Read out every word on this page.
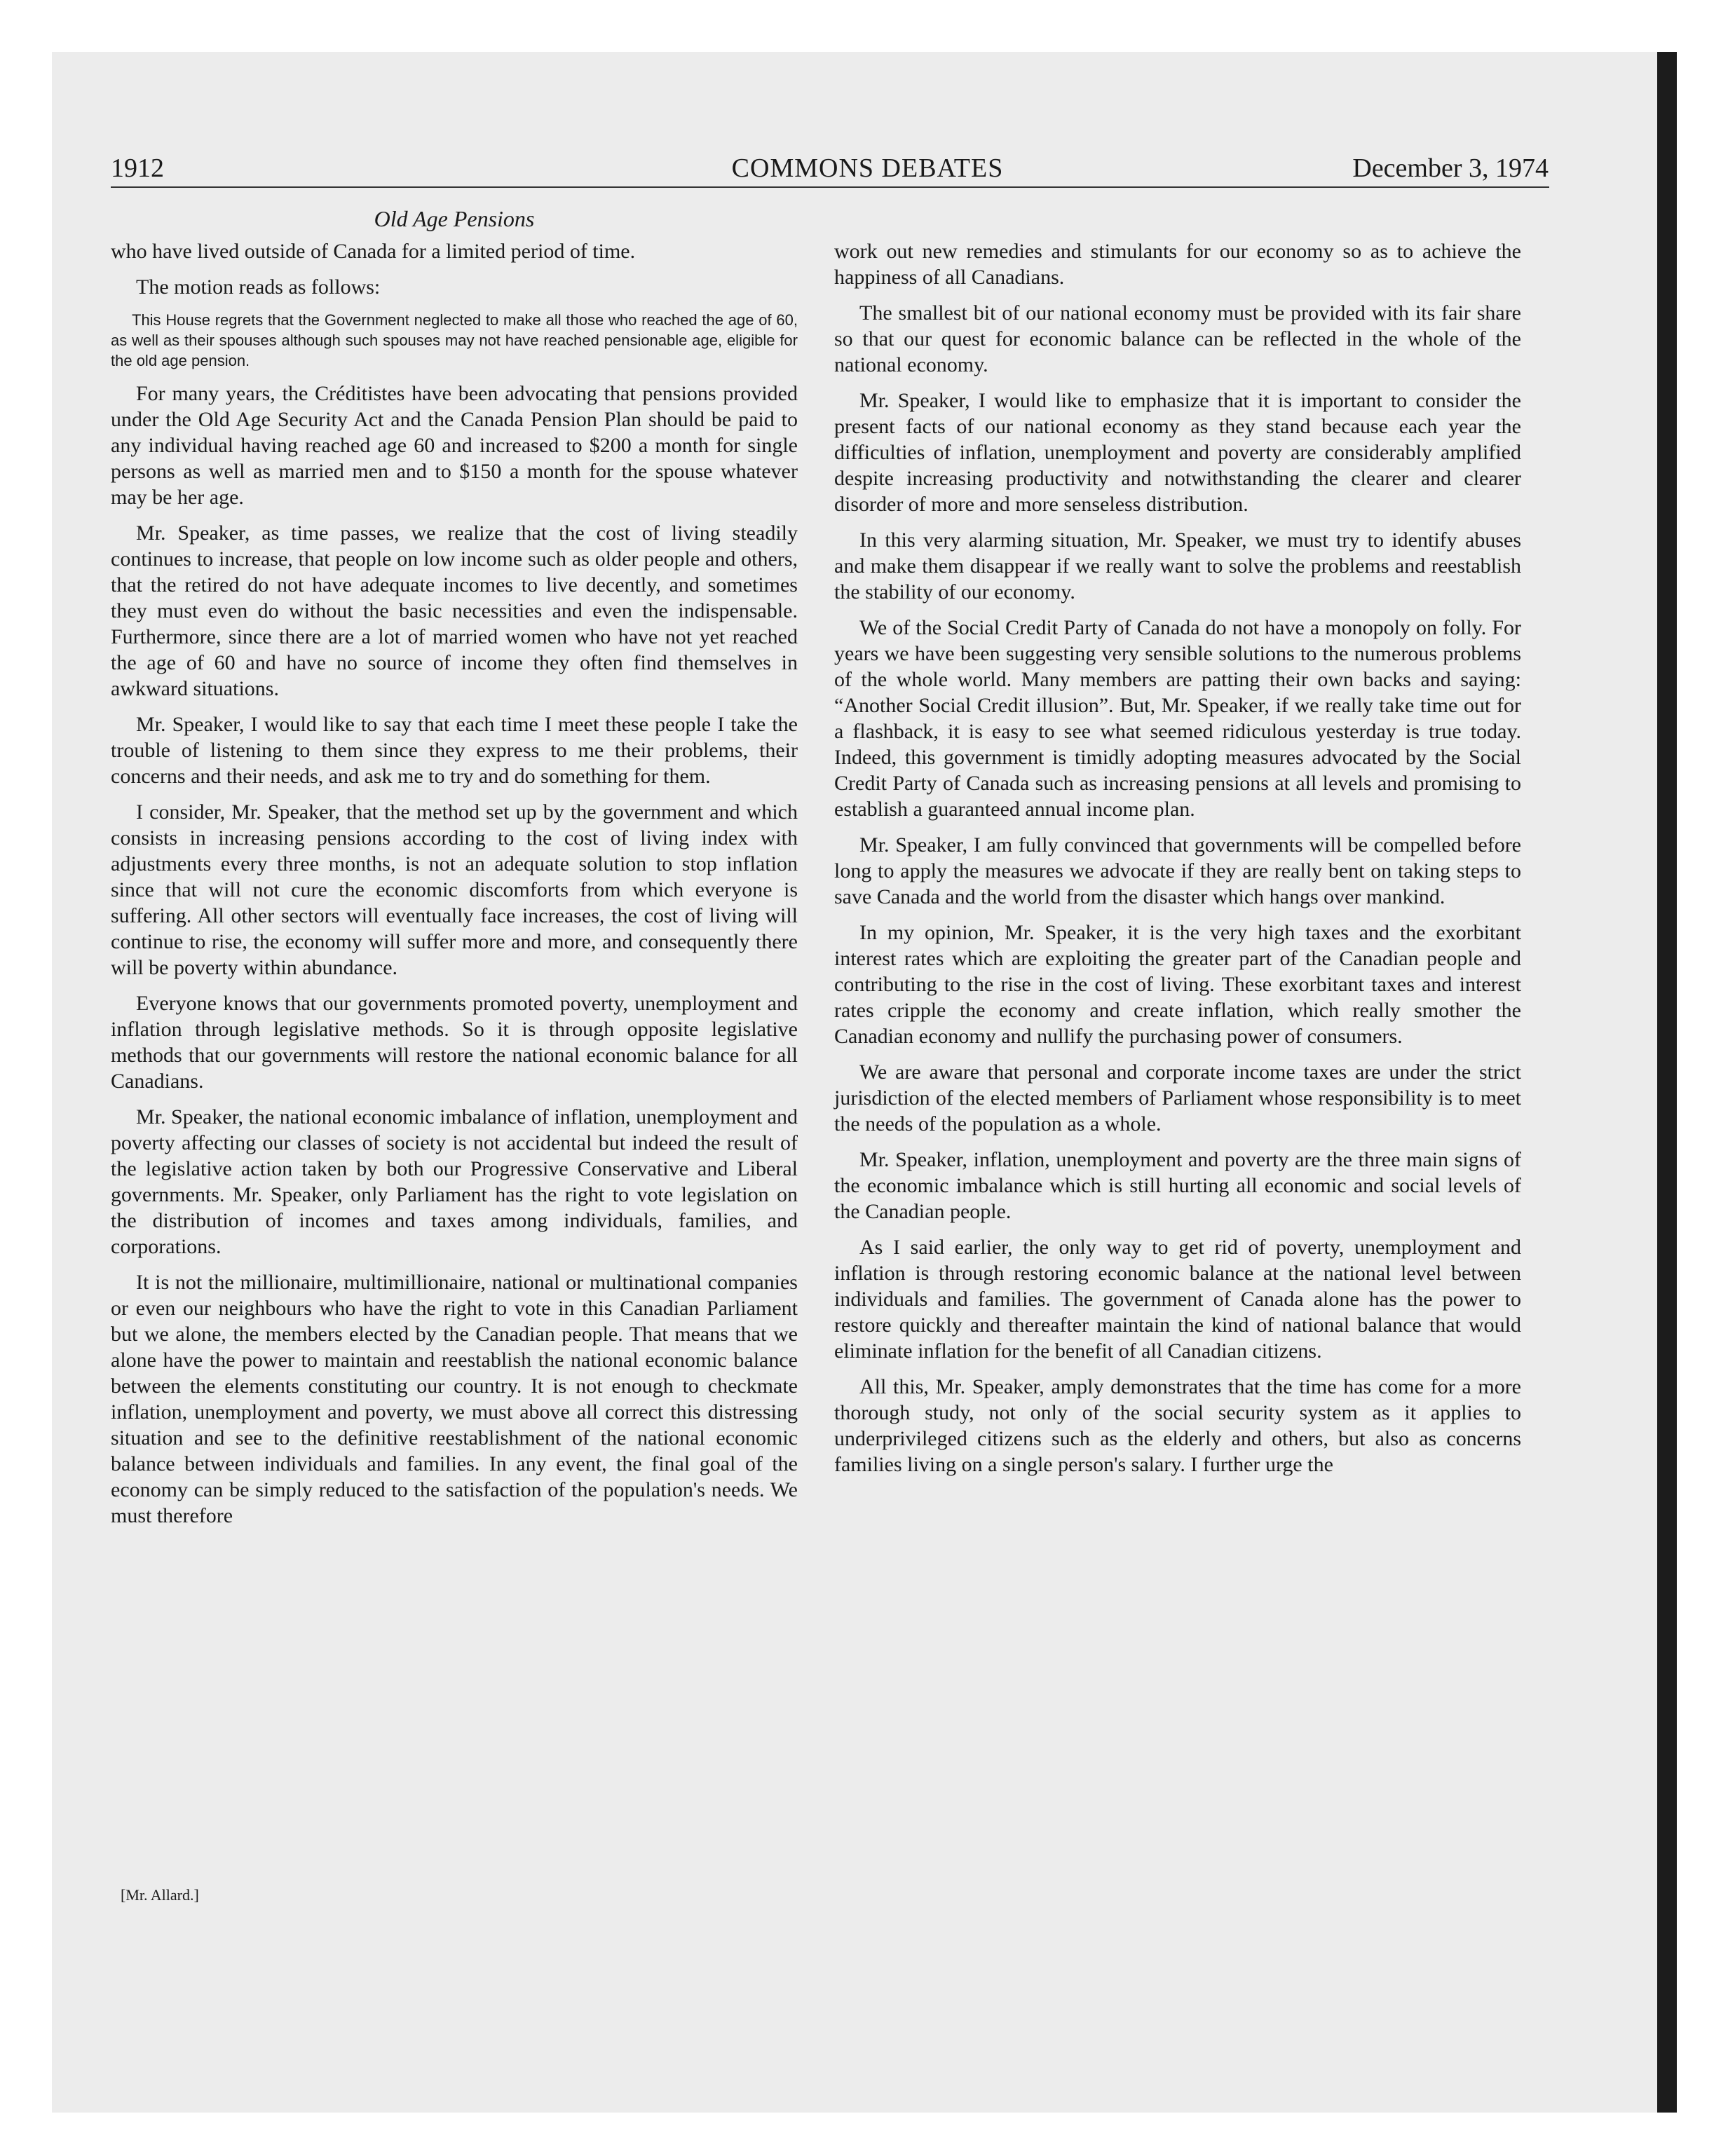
1912	COMMONS DEBATES	December 3, 1974
Old Age Pensions

who have lived outside of Canada for a limited period of time.

The motion reads as follows:

This House regrets that the Government neglected to make all those who reached the age of 60, as well as their spouses although such spouses may not have reached pensionable age, eligible for the old age pension.

For many years, the Créditistes have been advocating that pensions provided under the Old Age Security Act and the Canada Pension Plan should be paid to any individual having reached age 60 and increased to $200 a month for single persons as well as married men and to $150 a month for the spouse whatever may be her age.

Mr. Speaker, as time passes, we realize that the cost of living steadily continues to increase, that people on low income such as older people and others, that the retired do not have adequate incomes to live decently, and sometimes they must even do without the basic necessities and even the indispensable. Furthermore, since there are a lot of married women who have not yet reached the age of 60 and have no source of income they often find themselves in awkward situations.

Mr. Speaker, I would like to say that each time I meet these people I take the trouble of listening to them since they express to me their problems, their concerns and their needs, and ask me to try and do something for them.

I consider, Mr. Speaker, that the method set up by the government and which consists in increasing pensions according to the cost of living index with adjustments every three months, is not an adequate solution to stop inflation since that will not cure the economic discomforts from which everyone is suffering. All other sectors will eventually face increases, the cost of living will continue to rise, the economy will suffer more and more, and consequently there will be poverty within abundance.

Everyone knows that our governments promoted poverty, unemployment and inflation through legislative methods. So it is through opposite legislative methods that our governments will restore the national economic balance for all Canadians.

Mr. Speaker, the national economic imbalance of inflation, unemployment and poverty affecting our classes of society is not accidental but indeed the result of the legislative action taken by both our Progressive Conservative and Liberal governments. Mr. Speaker, only Parliament has the right to vote legislation on the distribution of incomes and taxes among individuals, families, and corporations.

It is not the millionaire, multimillionaire, national or multinational companies or even our neighbours who have the right to vote in this Canadian Parliament but we alone, the members elected by the Canadian people. That means that we alone have the power to maintain and reestablish the national economic balance between the elements constituting our country. It is not enough to checkmate inflation, unemployment and poverty, we must above all correct this distressing situation and see to the definitive reestablishment of the national economic balance between individuals and families. In any event, the final goal of the economy can be simply reduced to the satisfaction of the population's needs. We must therefore

work out new remedies and stimulants for our economy so as to achieve the happiness of all Canadians.

The smallest bit of our national economy must be provided with its fair share so that our quest for economic balance can be reflected in the whole of the national economy.

Mr. Speaker, I would like to emphasize that it is important to consider the present facts of our national economy as they stand because each year the difficulties of inflation, unemployment and poverty are considerably amplified despite increasing productivity and notwithstanding the clearer and clearer disorder of more and more senseless distribution.

In this very alarming situation, Mr. Speaker, we must try to identify abuses and make them disappear if we really want to solve the problems and reestablish the stability of our economy.

We of the Social Credit Party of Canada do not have a monopoly on folly. For years we have been suggesting very sensible solutions to the numerous problems of the whole world. Many members are patting their own backs and saying: “Another Social Credit illusion”. But, Mr. Speaker, if we really take time out for a flashback, it is easy to see what seemed ridiculous yesterday is true today. Indeed, this government is timidly adopting measures advocated by the Social Credit Party of Canada such as increasing pensions at all levels and promising to establish a guaranteed annual income plan.

Mr. Speaker, I am fully convinced that governments will be compelled before long to apply the measures we advocate if they are really bent on taking steps to save Canada and the world from the disaster which hangs over mankind.

In my opinion, Mr. Speaker, it is the very high taxes and the exorbitant interest rates which are exploiting the greater part of the Canadian people and contributing to the rise in the cost of living. These exorbitant taxes and interest rates cripple the economy and create inflation, which really smother the Canadian economy and nullify the purchasing power of consumers.

We are aware that personal and corporate income taxes are under the strict jurisdiction of the elected members of Parliament whose responsibility is to meet the needs of the population as a whole.

Mr. Speaker, inflation, unemployment and poverty are the three main signs of the economic imbalance which is still hurting all economic and social levels of the Canadian people.

As I said earlier, the only way to get rid of poverty, unemployment and inflation is through restoring economic balance at the national level between individuals and families. The government of Canada alone has the power to restore quickly and thereafter maintain the kind of national balance that would eliminate inflation for the benefit of all Canadian citizens.

All this, Mr. Speaker, amply demonstrates that the time has come for a more thorough study, not only of the social security system as it applies to underprivileged citizens such as the elderly and others, but also as concerns families living on a single person's salary. I further urge the

[Mr. Allard.]
